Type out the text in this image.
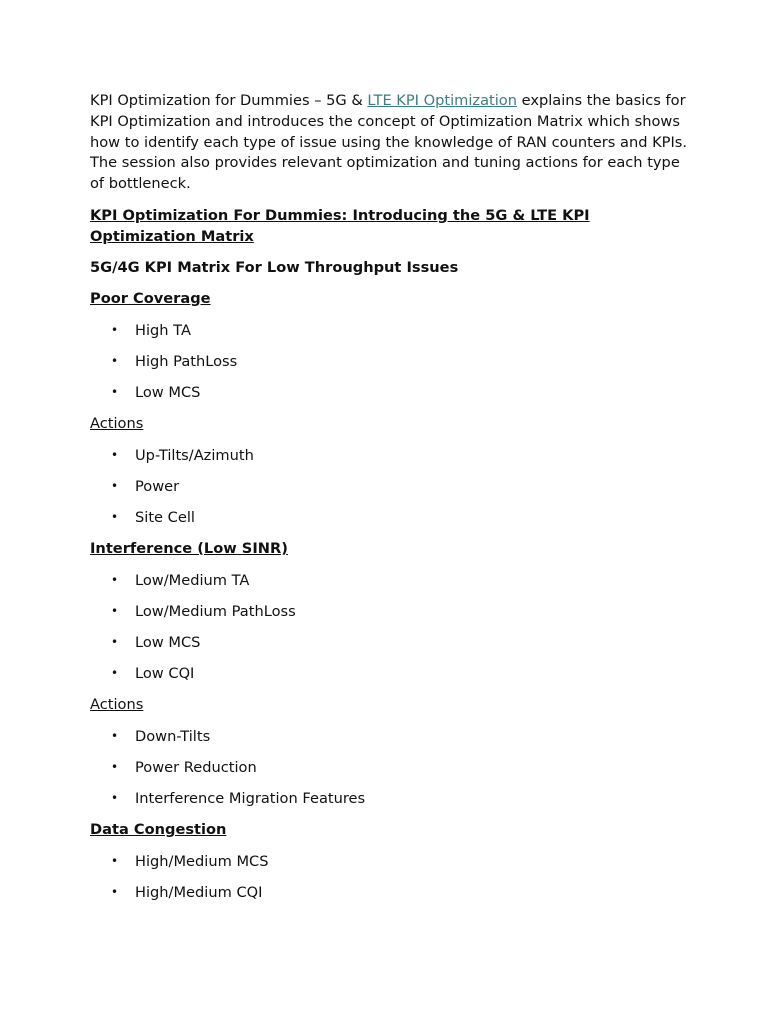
KPI Optimization for Dummies – 5G & LTE KPI Optimization explains the basics for KPI Optimization and introduces the concept of Optimization Matrix which shows how to identify each type of issue using the knowledge of RAN counters and KPIs. The session also provides relevant optimization and tuning actions for each type of bottleneck.

KPI Optimization For Dummies: Introducing the 5G & LTE KPI Optimization Matrix

5G/4G KPI Matrix For Low Throughput Issues

Poor Coverage

• High TA
• High PathLoss
• Low MCS

Actions

• Up-Tilts/Azimuth
• Power
• Site Cell

Interference (Low SINR)

• Low/Medium TA
• Low/Medium PathLoss
• Low MCS
• Low CQI

Actions

• Down-Tilts
• Power Reduction
• Interference Migration Features

Data Congestion

• High/Medium MCS
• High/Medium CQI
